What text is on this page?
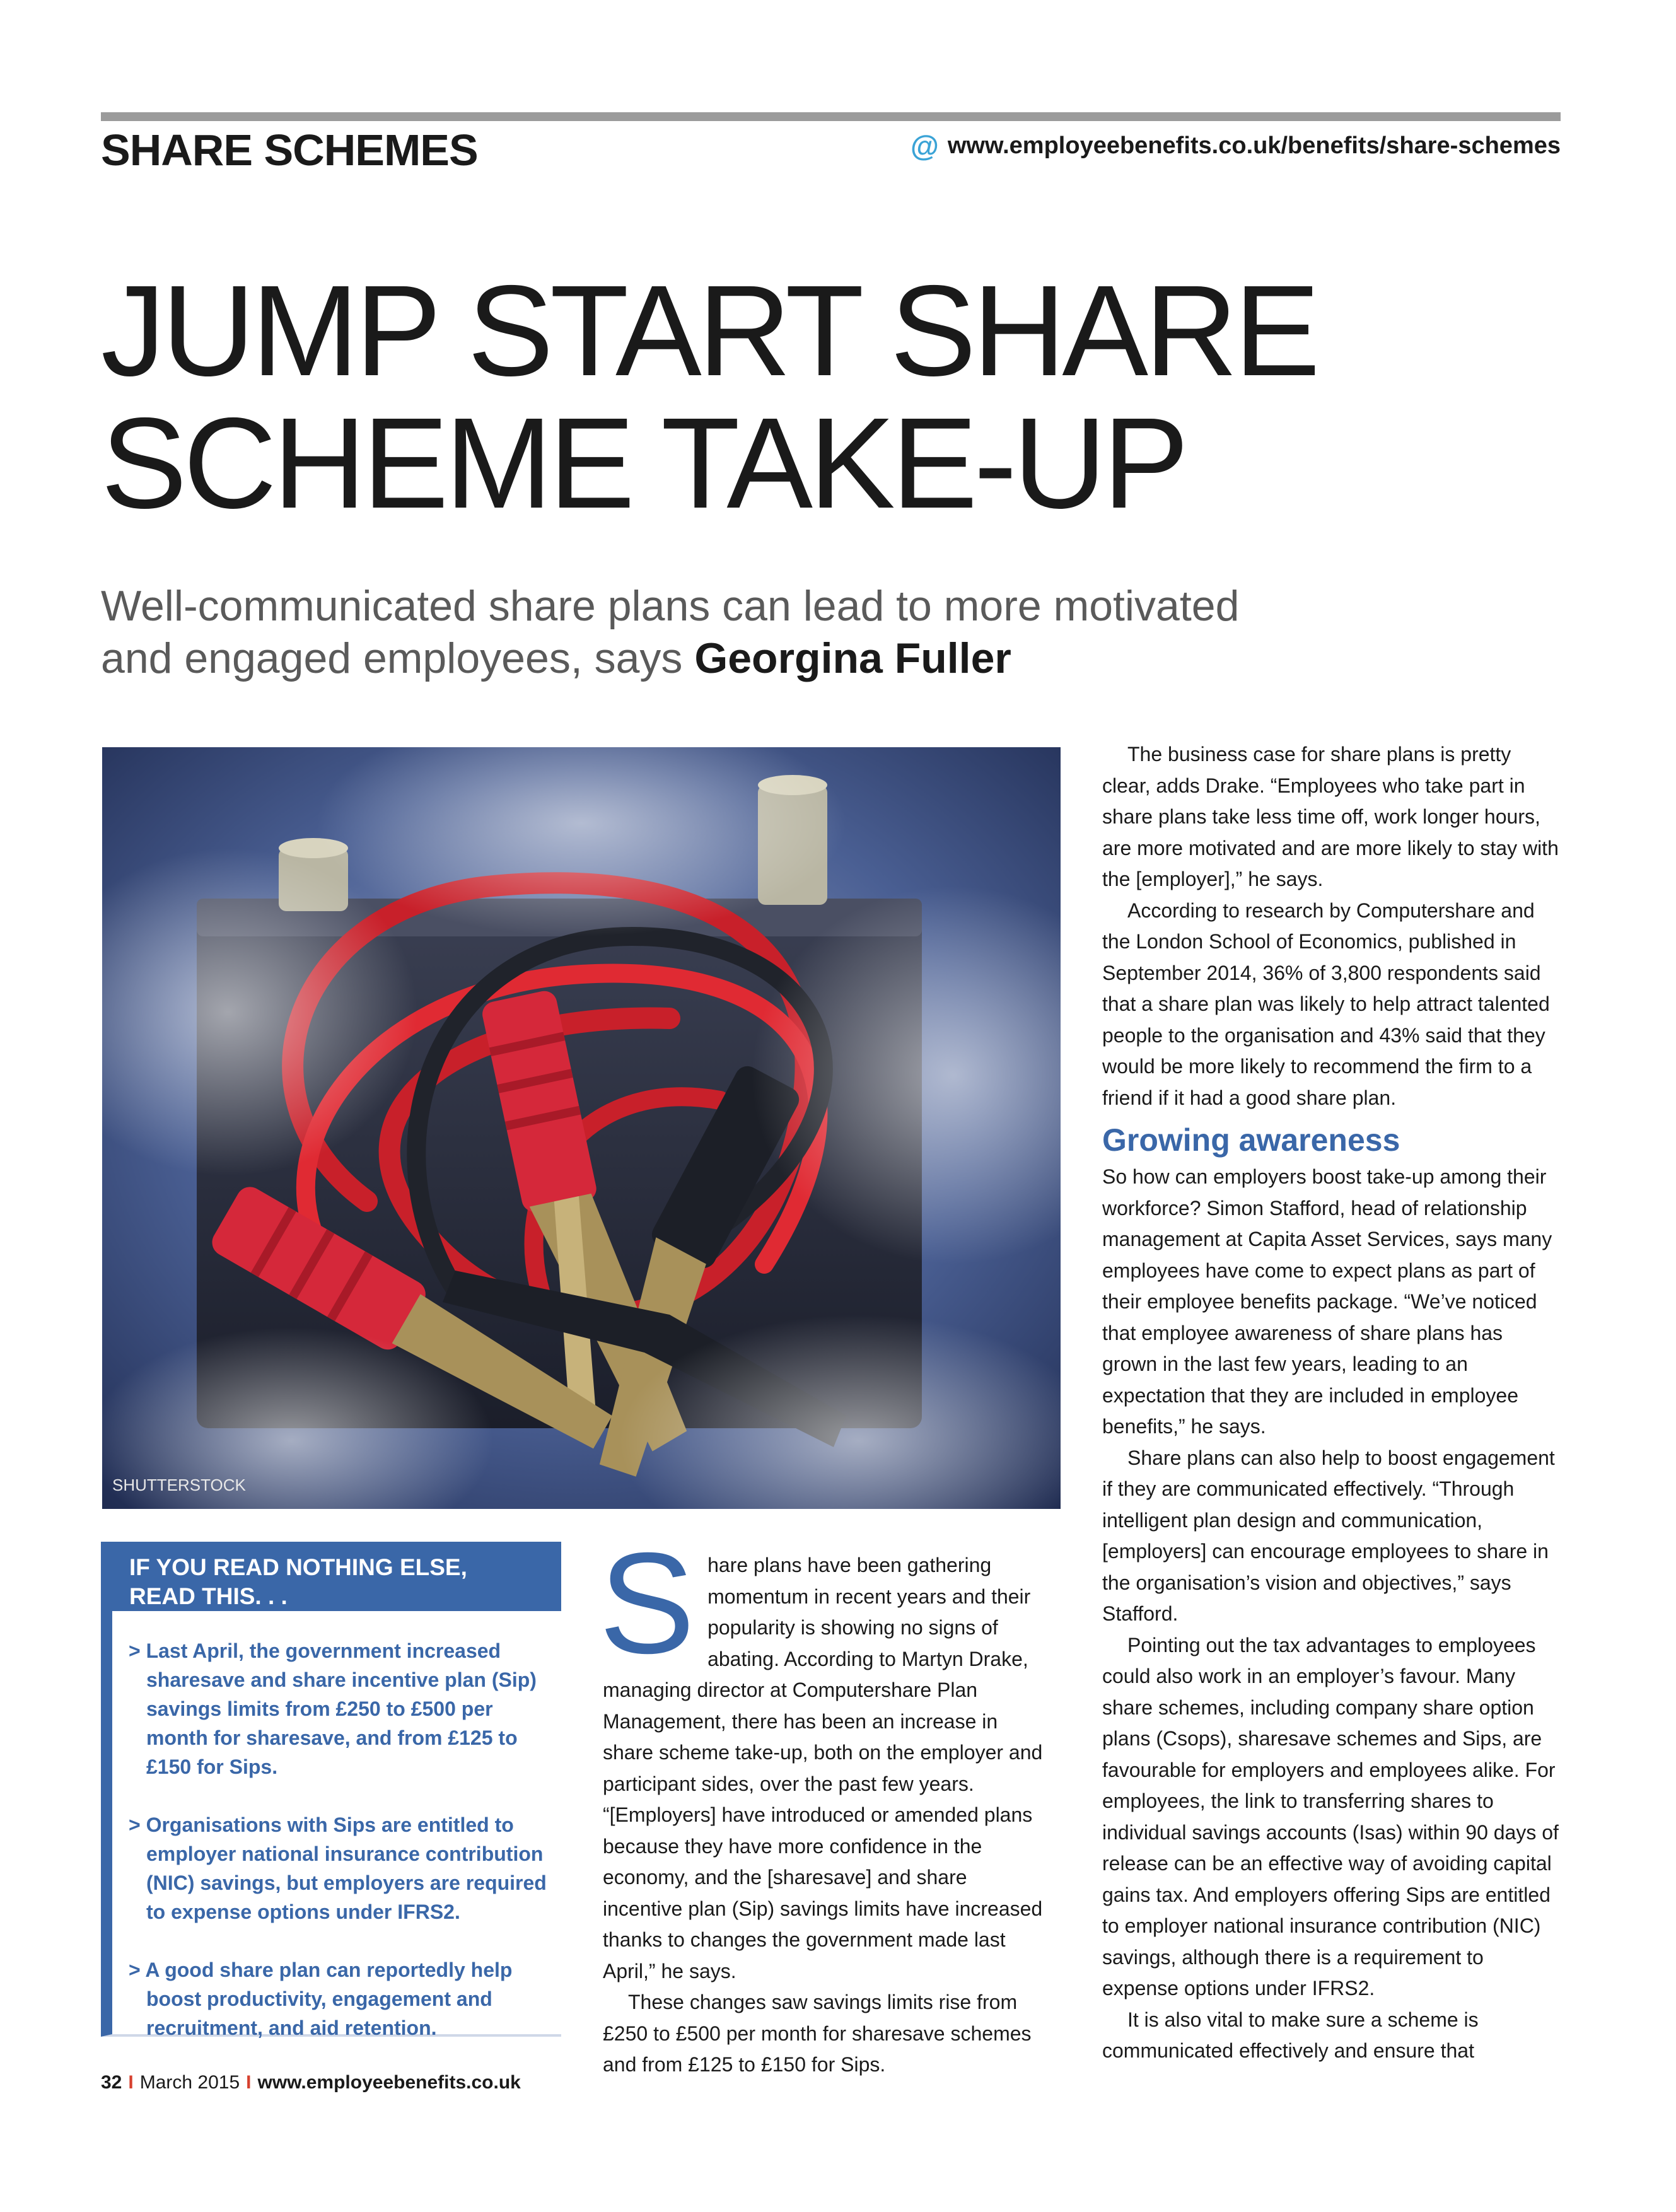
SHARE SCHEMES	@ www.employeebenefits.co.uk/benefits/share-schemes
JUMP START SHARE
SCHEME TAKE-UP
Well-communicated share plans can lead to more motivated and engaged employees, says Georgina Fuller
SHUTTERSTOCK
IF YOU READ NOTHING ELSE,
READ THIS. . .
> Last April, the government increased sharesave and share incentive plan (Sip) savings limits from £250 to £500 per month for sharesave, and from £125 to £150 for Sips.
> Organisations with Sips are entitled to employer national insurance contribution (NIC) savings, but employers are required to expense options under IFRS2.
> A good share plan can reportedly help boost productivity, engagement and recruitment, and aid retention.
S hare plans have been gathering momentum in recent years and their popularity is showing no signs of abating. According to Martyn Drake, managing director at Computershare Plan Management, there has been an increase in share scheme take-up, both on the employer and participant sides, over the past few years. “[Employers] have introduced or amended plans because they have more confidence in the economy, and the [sharesave] and share incentive plan (Sip) savings limits have increased thanks to changes the government made last April,” he says.

These changes saw savings limits rise from £250 to £500 per month for sharesave schemes and from £125 to £150 for Sips.

The business case for share plans is pretty clear, adds Drake. “Employees who take part in share plans take less time off, work longer hours, are more motivated and are more likely to stay with the [employer],” he says.

According to research by Computershare and the London School of Economics, published in September 2014, 36% of 3,800 respondents said that a share plan was likely to help attract talented people to the organisation and 43% said that they would be more likely to recommend the firm to a friend if it had a good share plan.

Growing awareness

So how can employers boost take-up among their workforce? Simon Stafford, head of relationship management at Capita Asset Services, says many employees have come to expect plans as part of their employee benefits package. “We’ve noticed that employee awareness of share plans has grown in the last few years, leading to an expectation that they are included in employee benefits,” he says.

Share plans can also help to boost engagement if they are communicated effectively. “Through intelligent plan design and communication, [employers] can encourage employees to share in the organisation’s vision and objectives,” says Stafford.

Pointing out the tax advantages to employees could also work in an employer’s favour. Many share schemes, including company share option plans (Csops), sharesave schemes and Sips, are favourable for employers and employees alike. For employees, the link to transferring shares to individual savings accounts (Isas) within 90 days of release can be an effective way of avoiding capital gains tax. And employers offering Sips are entitled to employer national insurance contribution (NIC) savings, although there is a requirement to expense options under IFRS2.

It is also vital to make sure a scheme is communicated effectively and ensure that

32 I March 2015 I www.employeebenefits.co.uk
